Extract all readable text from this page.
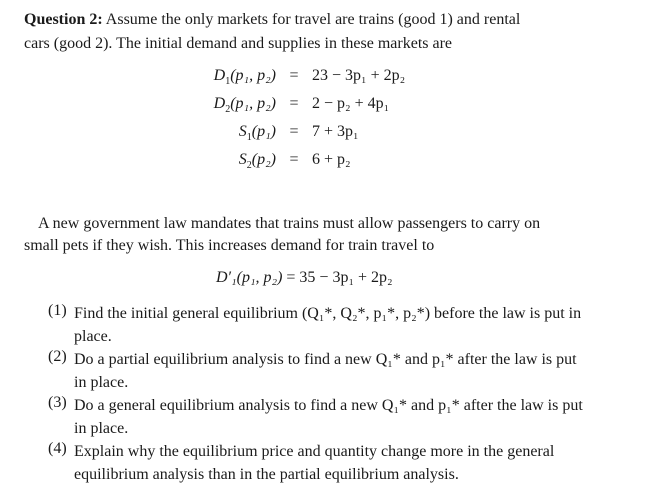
Question 2: Assume the only markets for travel are trains (good 1) and rental
cars (good 2). The initial demand and supplies in these markets are
$D_1(p_1$, p₂) = 23 − 3p₁ + 2p₂
$D_2(p_1$, p₂) = 2 − p₂ + 4p₁
$S_1(p_1) = 7 + 3p_1$
$S_2(p_2) = 6 + p_2$
A new government law mandates that trains must allow passengers to carry on
small pets if they wish. This increases demand for train travel to
D′₁(p₁, p₂) = 35 − 3p₁ + 2p₂
(1) Find the initial general equilibrium (Q₁*, Q₂*, p₁*, p₂*) before the law is put in
place.
(2) Do a partial equilibrium analysis to find a new Q₁* and p₁* after the law is put
in place.
(3) Do a general equilibrium analysis to find a new Q₁* and p₁* after the law is put
in place.
(4) Explain why the equilibrium price and quantity change more in the general
equilibrium analysis than in the partial equilibrium analysis.
